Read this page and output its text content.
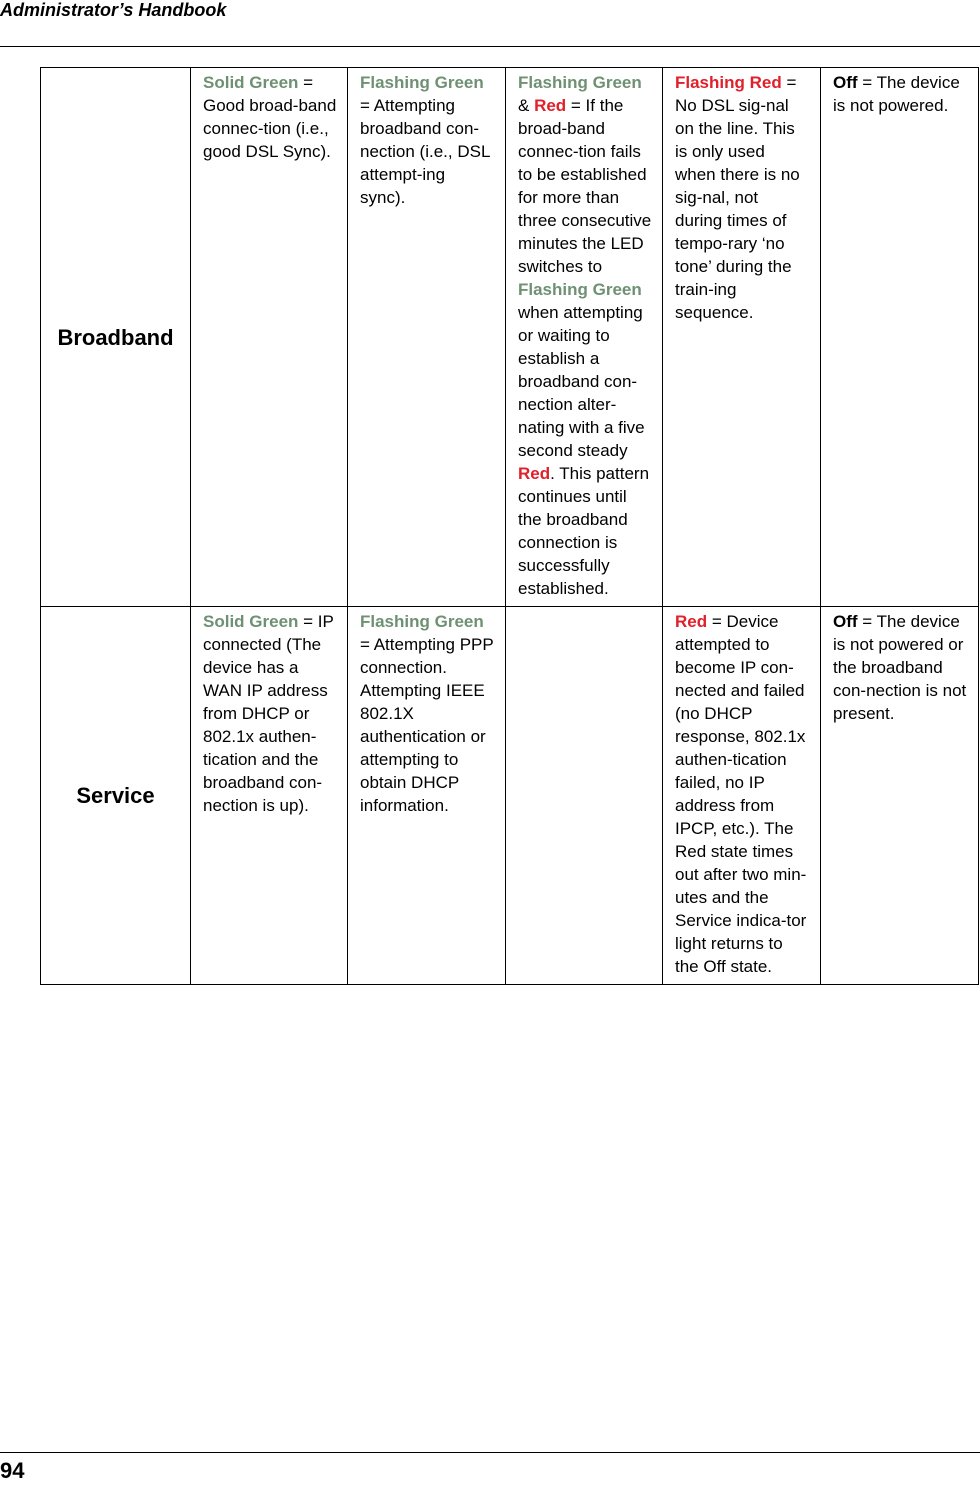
Administrator’s Handbook
Broadband	Solid Green = Good broad-band connec-tion (i.e., good DSL Sync).	Flashing Green = Attempting broadband con-nection (i.e., DSL attempt-ing sync).	Flashing Green & Red = If the broad-band connec-tion fails to be established for more than three consecutive minutes the LED switches to Flashing Green when attempting or waiting to establish a broadband con-nection alter-nating with a five second steady Red. This pattern continues until the broadband connection is successfully established.	Flashing Red = No DSL sig-nal on the line. This is only used when there is no sig-nal, not during times of tempo-rary ‘no tone’ during the train-ing sequence.	Off = The device is not powered.
Service	Solid Green = IP connected (The device has a WAN IP address from DHCP or 802.1x authen-tication and the broadband con-nection is up).	Flashing Green = Attempting PPP connection. Attempting IEEE 802.1X authentication or attempting to obtain DHCP information.		Red = Device attempted to become IP con-nected and failed (no DHCP response, 802.1x authen-tication failed, no IP address from IPCP, etc.). The Red state times out after two min-utes and the Service indica-tor light returns to the Off state.	Off = The device is not powered or the broadband con-nection is not present.
94
